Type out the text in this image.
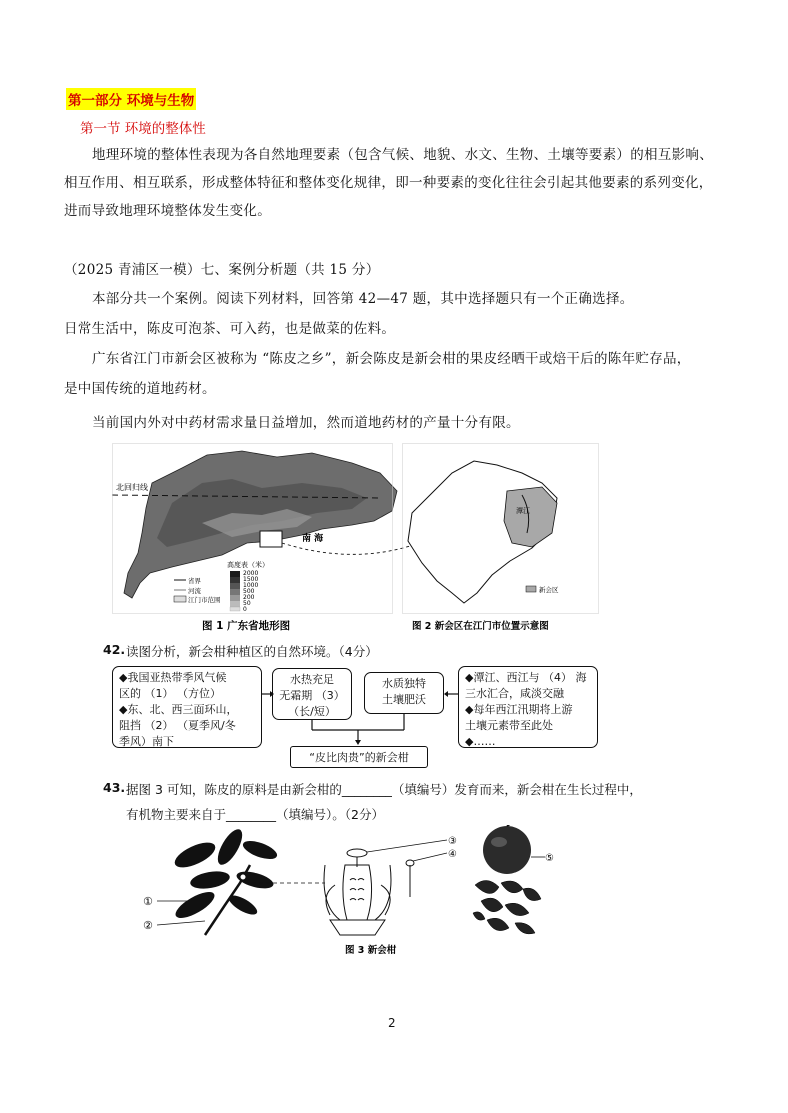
第一部分 环境与生物
第一节 环境的整体性
地理环境的整体性表现为各自然地理要素（包含气候、地貌、水文、生物、土壤等要素）的相互影响、
相互作用、相互联系，形成整体特征和整体变化规律，即一种要素的变化往往会引起其他要素的系列变化，
进而导致地理环境整体发生变化。
（2025 青浦区一模）七、案例分析题（共 15 分）
本部分共一个案例。阅读下列材料，回答第 42—47 题，其中选择题只有一个正确选择。
日常生活中，陈皮可泡茶、可入药，也是做菜的佐料。
广东省江门市新会区被称为 “陈皮之乡”，新会陈皮是新会柑的果皮经晒干或焙干后的陈年贮存品，
是中国传统的道地药材。
当前国内外对中药材需求量日益增加，然而道地药材的产量十分有限。
北回归线
南 海
高度表（米）
2000
1500
1000
500
200
50
0
省界
河流
江门市范围
潭江
新会区
图 1 广东省地形图	图 2 新会区在江门市位置示意图
42. 读图分析，新会柑种植区的自然环境。（4分）
◆我国亚热带季风气候
区的 （1） （方位）
◆东、北、西三面环山，
阻挡 （2） （夏季风/冬
季风）南下
水热充足
无霜期 （3）
（长/短）
水质独特
土壤肥沃
◆潭江、西江与 （4） 海
三水汇合，咸淡交融
◆每年西江汛期将上游
土壤元素带至此处
◆……
“皮比肉贵”的新会柑
43. 据图 3 可知，陈皮的原料是由新会柑的________（填编号）发育而来，新会柑在生长过程中，
有机物主要来自于________（填编号）。（2分）
①
②
③
④	⑤
图 3 新会柑
2
